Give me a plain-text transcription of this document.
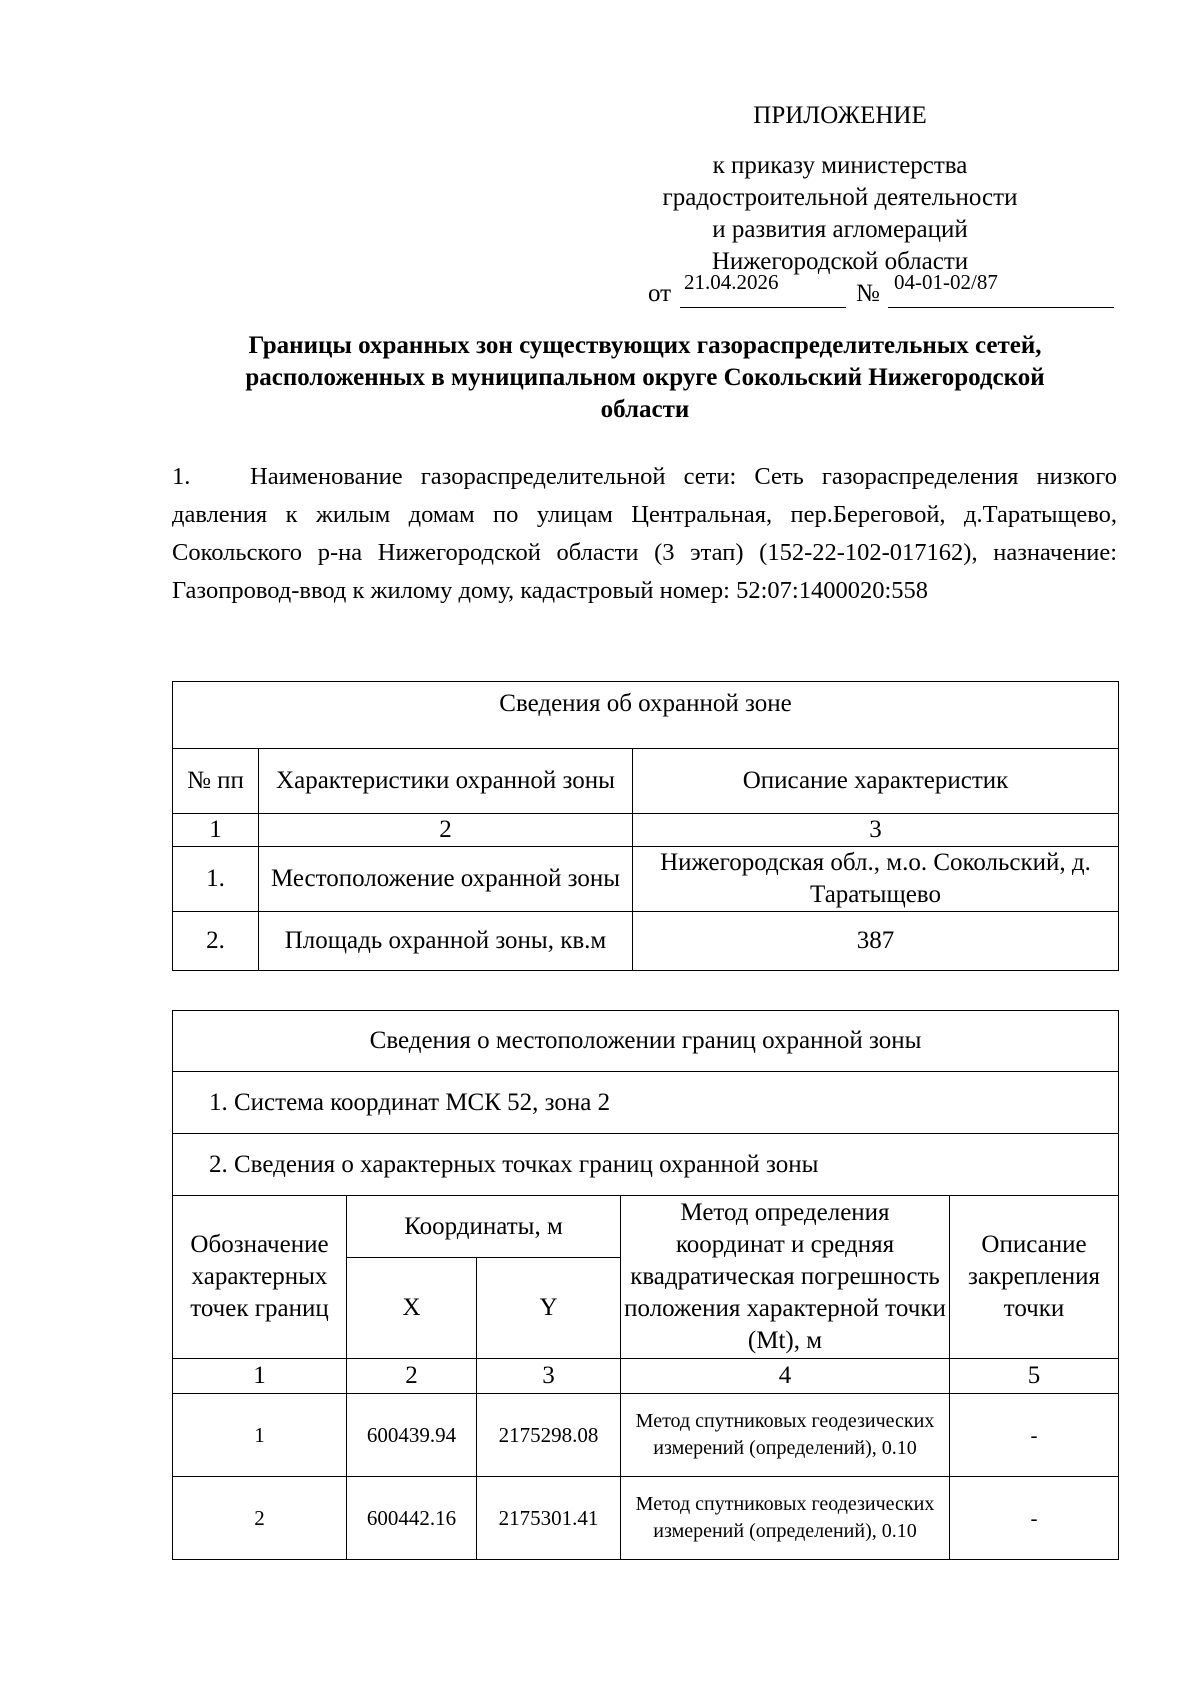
ПРИЛОЖЕНИЕ
к приказу министерства
градостроительной деятельности
и развития агломераций
Нижегородской области
от 21.04.2026	№ 04-01-02/87
Границы охранных зон существующих газораспределительных сетей,
расположенных в муниципальном округе Сокольский Нижегородской
области
1. Наименование газораспределительной сети: Сеть газораспределения низкого давления к жилым домам по улицам Центральная, пер.Береговой, д.Таратыщево, Сокольского р-на Нижегородской области (3 этап) (152-22-102-017162), назначение: Газопровод-ввод к жилому дому, кадастровый номер: 52:07:1400020:558
Сведения об охранной зоне		
№ пп	Характеристики охранной зоны	Описание характеристик
1	2	3
1.	Местоположение охранной зоны	Нижегородская обл., м.о. Сокольский, д. Таратыщево
2.	Площадь охранной зоны, кв.м	387
Сведения о местоположении границ охранной зоны				
1. Система координат МСК 52, зона 2				
2. Сведения о характерных точках границ охранной зоны				
Обозначение характерных точек границ	Координаты, м		Метод определения координат и средняя квадратическая погрешность положения характерной точки (Mt), м	Описание закрепления точки
	X	Y		
1	2	3	4	5
1	600439.94	2175298.08	Метод спутниковых геодезических измерений (определений), 0.10	-
2	600442.16	2175301.41	Метод спутниковых геодезических измерений (определений), 0.10	-
